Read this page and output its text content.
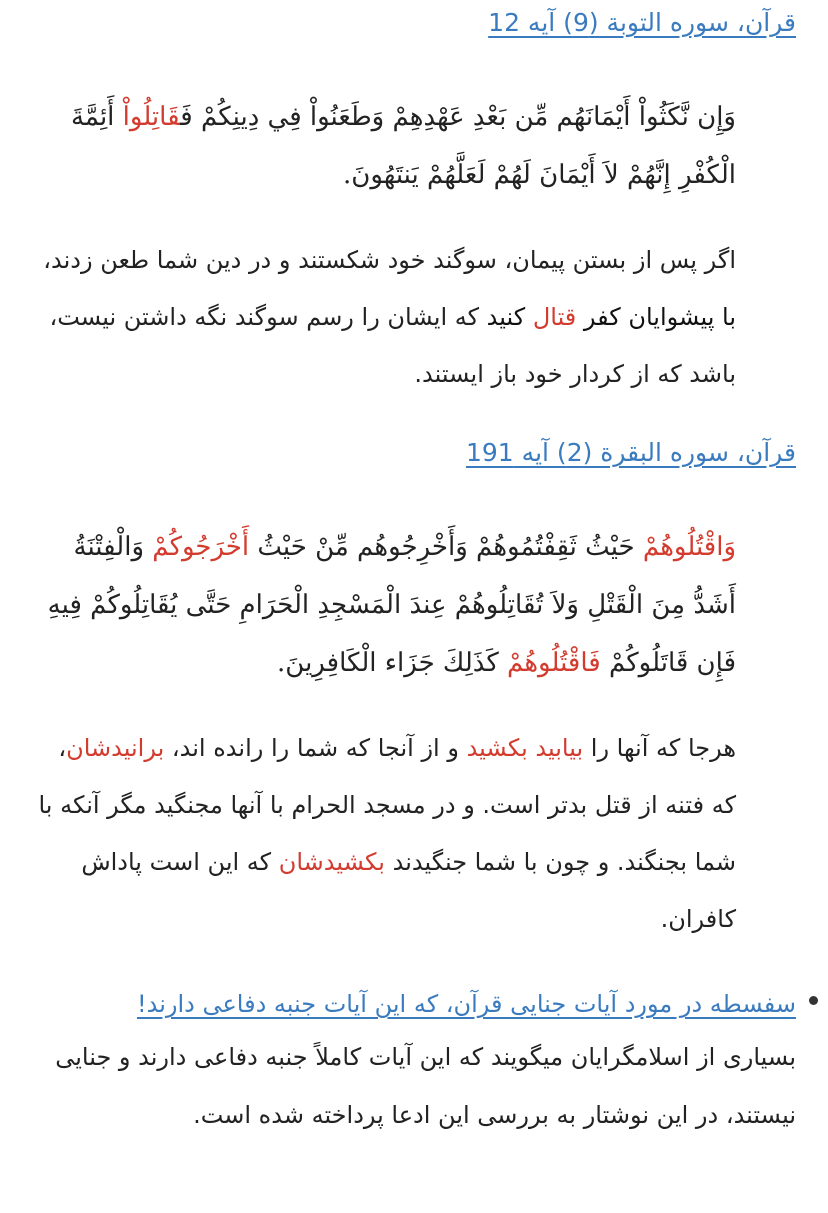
قرآن، سوره التوبة (9) آیه 12
وَإِن نَّكَثُواْ أَيْمَانَهُم مِّن بَعْدِ عَهْدِهِمْ وَطَعَنُواْ فِي دِينِكُمْ فَقَاتِلُواْ أَئِمَّةَ الْكُفْرِ إِنَّهُمْ لاَ أَيْمَانَ لَهُمْ لَعَلَّهُمْ يَنتَهُونَ.
اگر پس از بستن پیمان، سوگند خود شکستند و در دین شما طعن زدند، با پیشوایان کفر قتال کنید که ایشان را رسم سوگند نگه داشتن نیست، باشد که از کردار خود باز ایستند.
قرآن، سوره البقرة (2) آیه 191
وَاقْتُلُوهُمْ حَيْثُ ثَقِفْتُمُوهُمْ وَأَخْرِجُوهُم مِّنْ حَيْثُ أَخْرَجُوكُمْ وَالْفِتْنَةُ أَشَدُّ مِنَ الْقَتْلِ وَلاَ تُقَاتِلُوهُمْ عِندَ الْمَسْجِدِ الْحَرَامِ حَتَّى يُقَاتِلُوكُمْ فِيهِ فَإِن قَاتَلُوكُمْ فَاقْتُلُوهُمْ كَذَلِكَ جَزَاء الْكَافِرِينَ.
هرجا که آنها را بیابید بکشید و از آنجا که شما را رانده اند، برانیدشان، که فتنه از قتل بدتر است. و در مسجد الحرام با آنها مجنگید مگر آنکه با شما بجنگند. و چون با شما جنگیدند بکشیدشان که این است پاداش کافران.
سفسطه در مورد آیات جنایی قرآن، که این آیات جنبه دفاعی دارند!
بسیاری از اسلامگرایان میگویند که این آیات کاملاً جنبه دفاعی دارند و جنایی نیستند، در این نوشتار به بررسی این ادعا پرداخته شده است.
